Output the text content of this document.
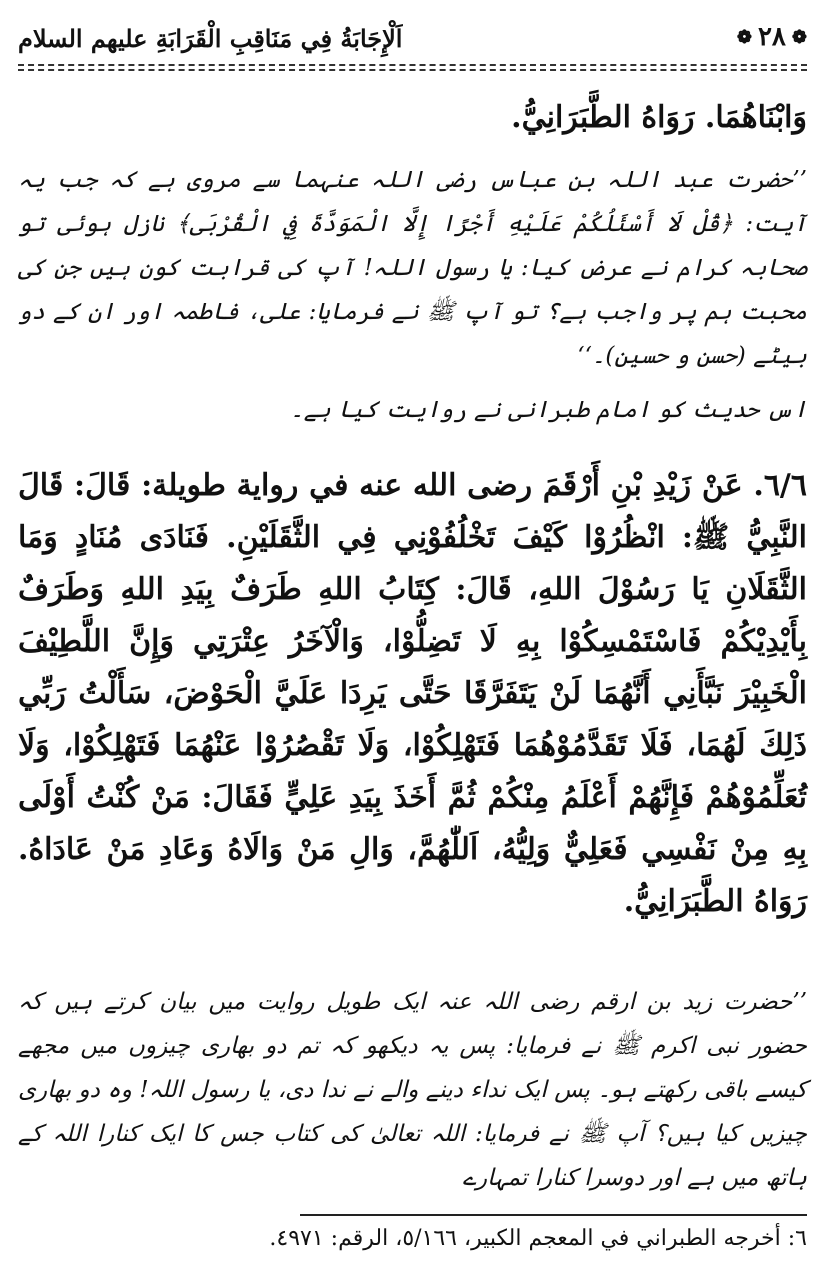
❁
٢٨
❁
اَلْإِجَابَةُ فِي مَنَاقِبِ الْقَرَابَةِ عليهم السلام
وَابْنَاهُمَا. رَوَاهُ الطَّبَرَانِيُّ.
’’حضرت عبد اللہ بن عباس رضی اللہ عنہما سے مروی ہے کہ جب یہ آیت: ﴿قُلْ لَا أَسْئَلُكُمْ عَلَيْهِ أَجْرًا إِلَّا الْمَوَدَّةَ فِي الْقُرْبَى﴾ نازل ہوئی تو صحابہ کرام نے عرض کیا: یا رسول اللہ! آپ کی قرابت کون ہیں جن کی محبت ہم پر واجب ہے؟ تو آپ ﷺ نے فرمایا: علی، فاطمہ اور ان کے دو بیٹے (حسن و حسین)۔‘‘
اس حدیث کو امام طبرانی نے روایت کیا ہے۔
٦/٦. عَنْ زَيْدِ بْنِ أَرْقَمَ رضی الله عنه في رواية طويلة: قَالَ: قَالَ النَّبِيُّ ﷺ: انْظُرُوْا كَيْفَ تَخْلُفُوْنِي فِي الثَّقَلَيْنِ. فَنَادَى مُنَادٍ وَمَا الثَّقَلَانِ يَا رَسُوْلَ اللهِ، قَالَ: كِتَابُ اللهِ طَرَفٌ بِيَدِ اللهِ وَطَرَفٌ بِأَيْدِيْكُمْ فَاسْتَمْسِكُوْا بِهِ لَا تَضِلُّوْا، وَالْآخَرُ عِتْرَتِي وَإِنَّ اللَّطِيْفَ الْخَبِيْرَ نَبَّأَنِي أَنَّهُمَا لَنْ يَتَفَرَّقَا حَتَّى يَرِدَا عَلَيَّ الْحَوْضَ، سَأَلْتُ رَبِّي ذَلِكَ لَهُمَا، فَلَا تَقَدَّمُوْهُمَا فَتَهْلِكُوْا، وَلَا تَقْصُرُوْا عَنْهُمَا فَتَهْلِكُوْا، وَلَا تُعَلِّمُوْهُمْ فَإِنَّهُمْ أَعْلَمُ مِنْكُمْ ثُمَّ أَخَذَ بِيَدِ عَلِيٍّ فَقَالَ: مَنْ كُنْتُ أَوْلَى بِهِ مِنْ نَفْسِي فَعَلِيٌّ وَلِيُّهُ، اَللّٰهُمَّ، وَالِ مَنْ وَالَاهُ وَعَادِ مَنْ عَادَاهُ. رَوَاهُ الطَّبَرَانِيُّ.
’’حضرت زید بن ارقم رضی اللہ عنہ ایک طویل روایت میں بیان کرتے ہیں کہ حضور نبی اکرم ﷺ نے فرمایا: پس یہ دیکھو کہ تم دو بھاری چیزوں میں مجھے کیسے باقی رکھتے ہو۔ پس ایک نداء دینے والے نے ندا دی، یا رسول اللہ! وہ دو بھاری چیزیں کیا ہیں؟ آپ ﷺ نے فرمایا: اللہ تعالیٰ کی کتاب جس کا ایک کنارا اللہ کے ہاتھ میں ہے اور دوسرا کنارا تمہارے
٦: أخرجه الطبراني في المعجم الكبير، ٥/١٦٦، الرقم: ٤٩٧١.
